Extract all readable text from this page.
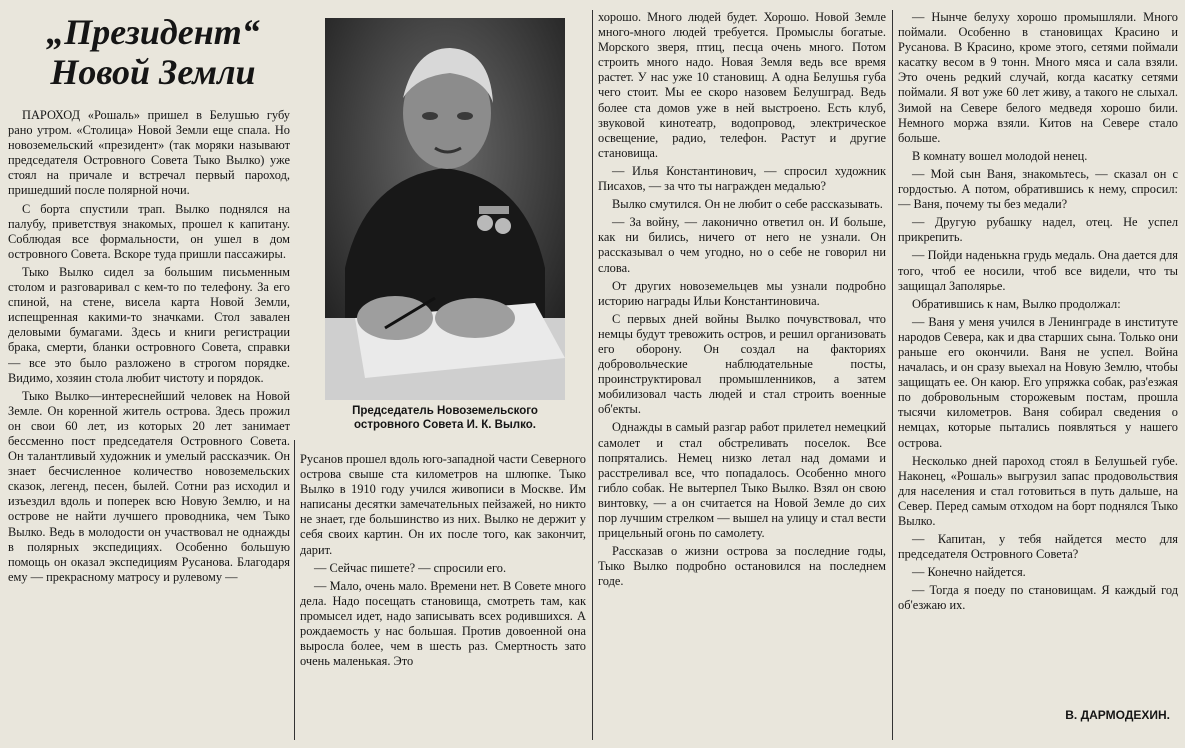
„Президент“
Новой Земли

ПАРОХОД «Рошаль» пришел в Белушью губу рано утром. «Столица» Новой Земли еще спала. Но новоземельский «президент» (так моряки называют председателя Островного Совета Тыко Вылко) уже стоял на причале и встречал первый пароход, пришедший после полярной ночи.

С борта спустили трап. Вылко поднялся на палубу, приветствуя знакомых, прошел к капитану. Соблюдая все формальности, он ушел в дом островного Совета. Вскоре туда пришли пассажиры.

Тыко Вылко сидел за большим письменным столом и разговаривал с кем-то по телефону. За его спиной, на стене, висела карта Новой Земли, испещренная какими-то значками. Стол завален деловыми бумагами. Здесь и книги регистрации брака, смерти, бланки островного Совета, справки — все это было разложено в строгом порядке. Видимо, хозяин стола любит чистоту и порядок.

Тыко Вылко—интереснейший человек на Новой Земле. Он коренной житель острова. Здесь прожил он свои 60 лет, из которых 20 лет занимает бессменно пост председателя Островного Совета. Он талантливый художник и умелый рассказчик. Он знает бесчисленное количество новоземельских сказок, легенд, песен, былей. Сотни раз исходил и изъездил вдоль и поперек всю Новую Землю, и на острове не найти лучшего проводника, чем Тыко Вылко. Ведь в молодости он участвовал не однажды в полярных экспедициях. Особенно большую помощь он оказал экспедициям Русанова. Благодаря ему — прекрасному матросу и рулевому —

Председатель Новоземельского островного Совета И. К. Вылко.

Русанов прошел вдоль юго-западной части Северного острова свыше ста километров на шлюпке. Тыко Вылко в 1910 году учился живописи в Москве. Им написаны десятки замечательных пейзажей, но никто не знает, где большинство из них. Вылко не держит у себя своих картин. Он их после того, как закончит, дарит.

— Сейчас пишете? — спросили его.

— Мало, очень мало. Времени нет. В Совете много дела. Надо посещать становища, смотреть там, как промысел идет, надо записывать всех родившихся. А рождаемость у нас большая. Против довоенной она выросла более, чем в шесть раз. Смертность зато очень маленькая. Это

хорошо. Много людей будет. Хорошо. Новой Земле много-много людей требуется. Промыслы богатые. Морского зверя, птиц, песца очень много. Потом строить много надо. Новая Земля ведь все время растет. У нас уже 10 становищ. А одна Белушья губа чего стоит. Мы ее скоро назовем Белушград. Ведь более ста домов уже в ней выстроено. Есть клуб, звуковой кинотеатр, водопровод, электрическое освещение, радио, телефон. Растут и другие становища.

— Илья Константинович, — спросил художник Писахов, — за что ты награжден медалью?

Вылко смутился. Он не любит о себе рассказывать.

— За войну, — лаконично ответил он. И больше, как ни бились, ничего от него не узнали. Он рассказывал о чем угодно, но о себе не говорил ни слова.

От других новоземельцев мы узнали подробно историю награды Ильи Константиновича.

С первых дней войны Вылко почувствовал, что немцы будут тревожить остров, и решил организовать его оборону. Он создал на факториях добровольческие наблюдательные посты, проинструктировал промышленников, а затем мобилизовал часть людей и стал строить военные об'екты.

Однажды в самый разгар работ прилетел немецкий самолет и стал обстреливать поселок. Все попрятались. Немец низко летал над домами и расстреливал все, что попадалось. Особенно много гибло собак. Не вытерпел Тыко Вылко. Взял он свою винтовку, — а он считается на Новой Земле до сих пор лучшим стрелком — вышел на улицу и стал вести прицельный огонь по самолету.

Рассказав о жизни острова за последние годы, Тыко Вылко подробно остановился на последнем годе.

— Нынче белуху хорошо промышляли. Много поймали. Особенно в становищах Красино и Русанова. В Красино, кроме этого, сетями поймали касатку весом в 9 тонн. Много мяса и сала взяли. Это очень редкий случай, когда касатку сетями поймали. Я вот уже 60 лет живу, а такого не слыхал. Зимой на Севере белого медведя хорошо били. Немного моржа взяли. Китов на Севере стало больше.

В комнату вошел молодой ненец.

— Мой сын Ваня, знакомьтесь, — сказал он с гордостью. А потом, обратившись к нему, спросил: — Ваня, почему ты без медали?

— Другую рубашку надел, отец. Не успел прикрепить.

— Пойди наденькна грудь медаль. Она дается для того, чтоб ее носили, чтоб все видели, что ты защищал Заполярье.

Обратившись к нам, Вылко продолжал:

— Ваня у меня учился в Ленинграде в институте народов Севера, как и два старших сына. Только они раньше его окончили. Ваня не успел. Война началась, и он сразу выехал на Новую Землю, чтобы защищать ее. Он каюр. Его упряжка собак, раз'езжая по добровольным сторожевым постам, прошла тысячи километров. Ваня собирал сведения о немцах, которые пытались появляться у нашего острова.

Несколько дней пароход стоял в Белушьей губе. Наконец, «Рошаль» выгрузил запас продовольствия для населения и стал готовиться в путь дальше, на Север. Перед самым отходом на борт поднялся Тыко Вылко.

— Капитан, у тебя найдется место для председателя Островного Совета?

— Конечно найдется.

— Тогда я поеду по становищам. Я каждый год об'езжаю их.

В. ДАРМОДЕХИН.
